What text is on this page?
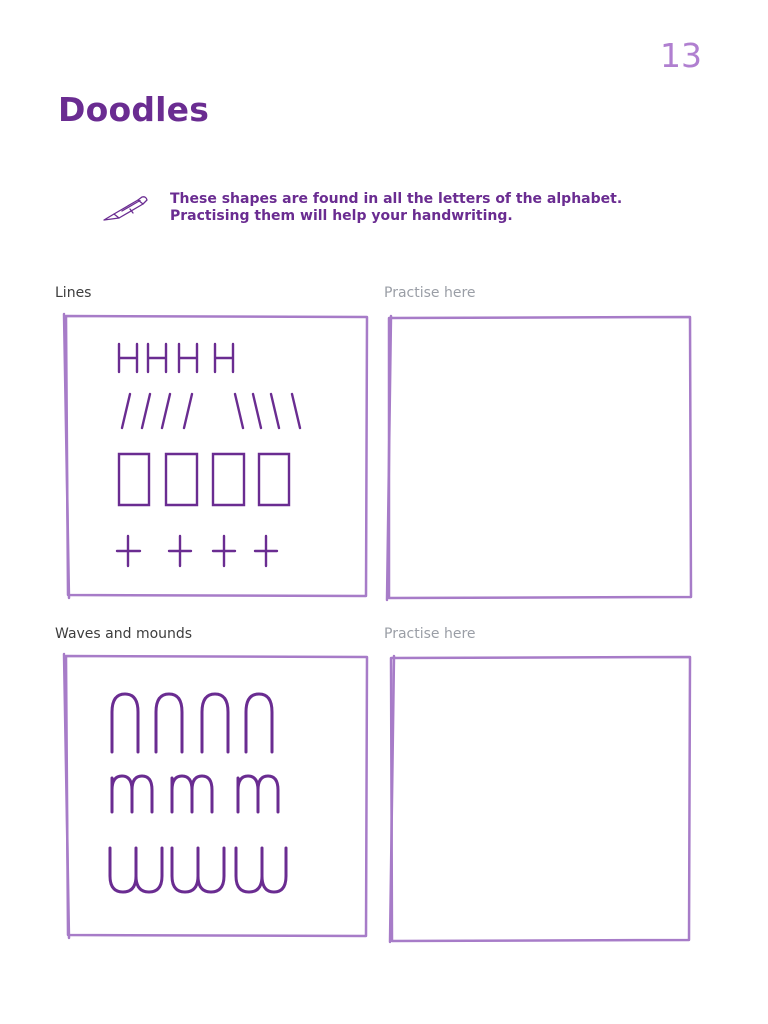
13
Doodles
These shapes are found in all the letters of the alphabet.
Practising them will help your handwriting.
Lines	Practise here
Waves and mounds	Practise here
